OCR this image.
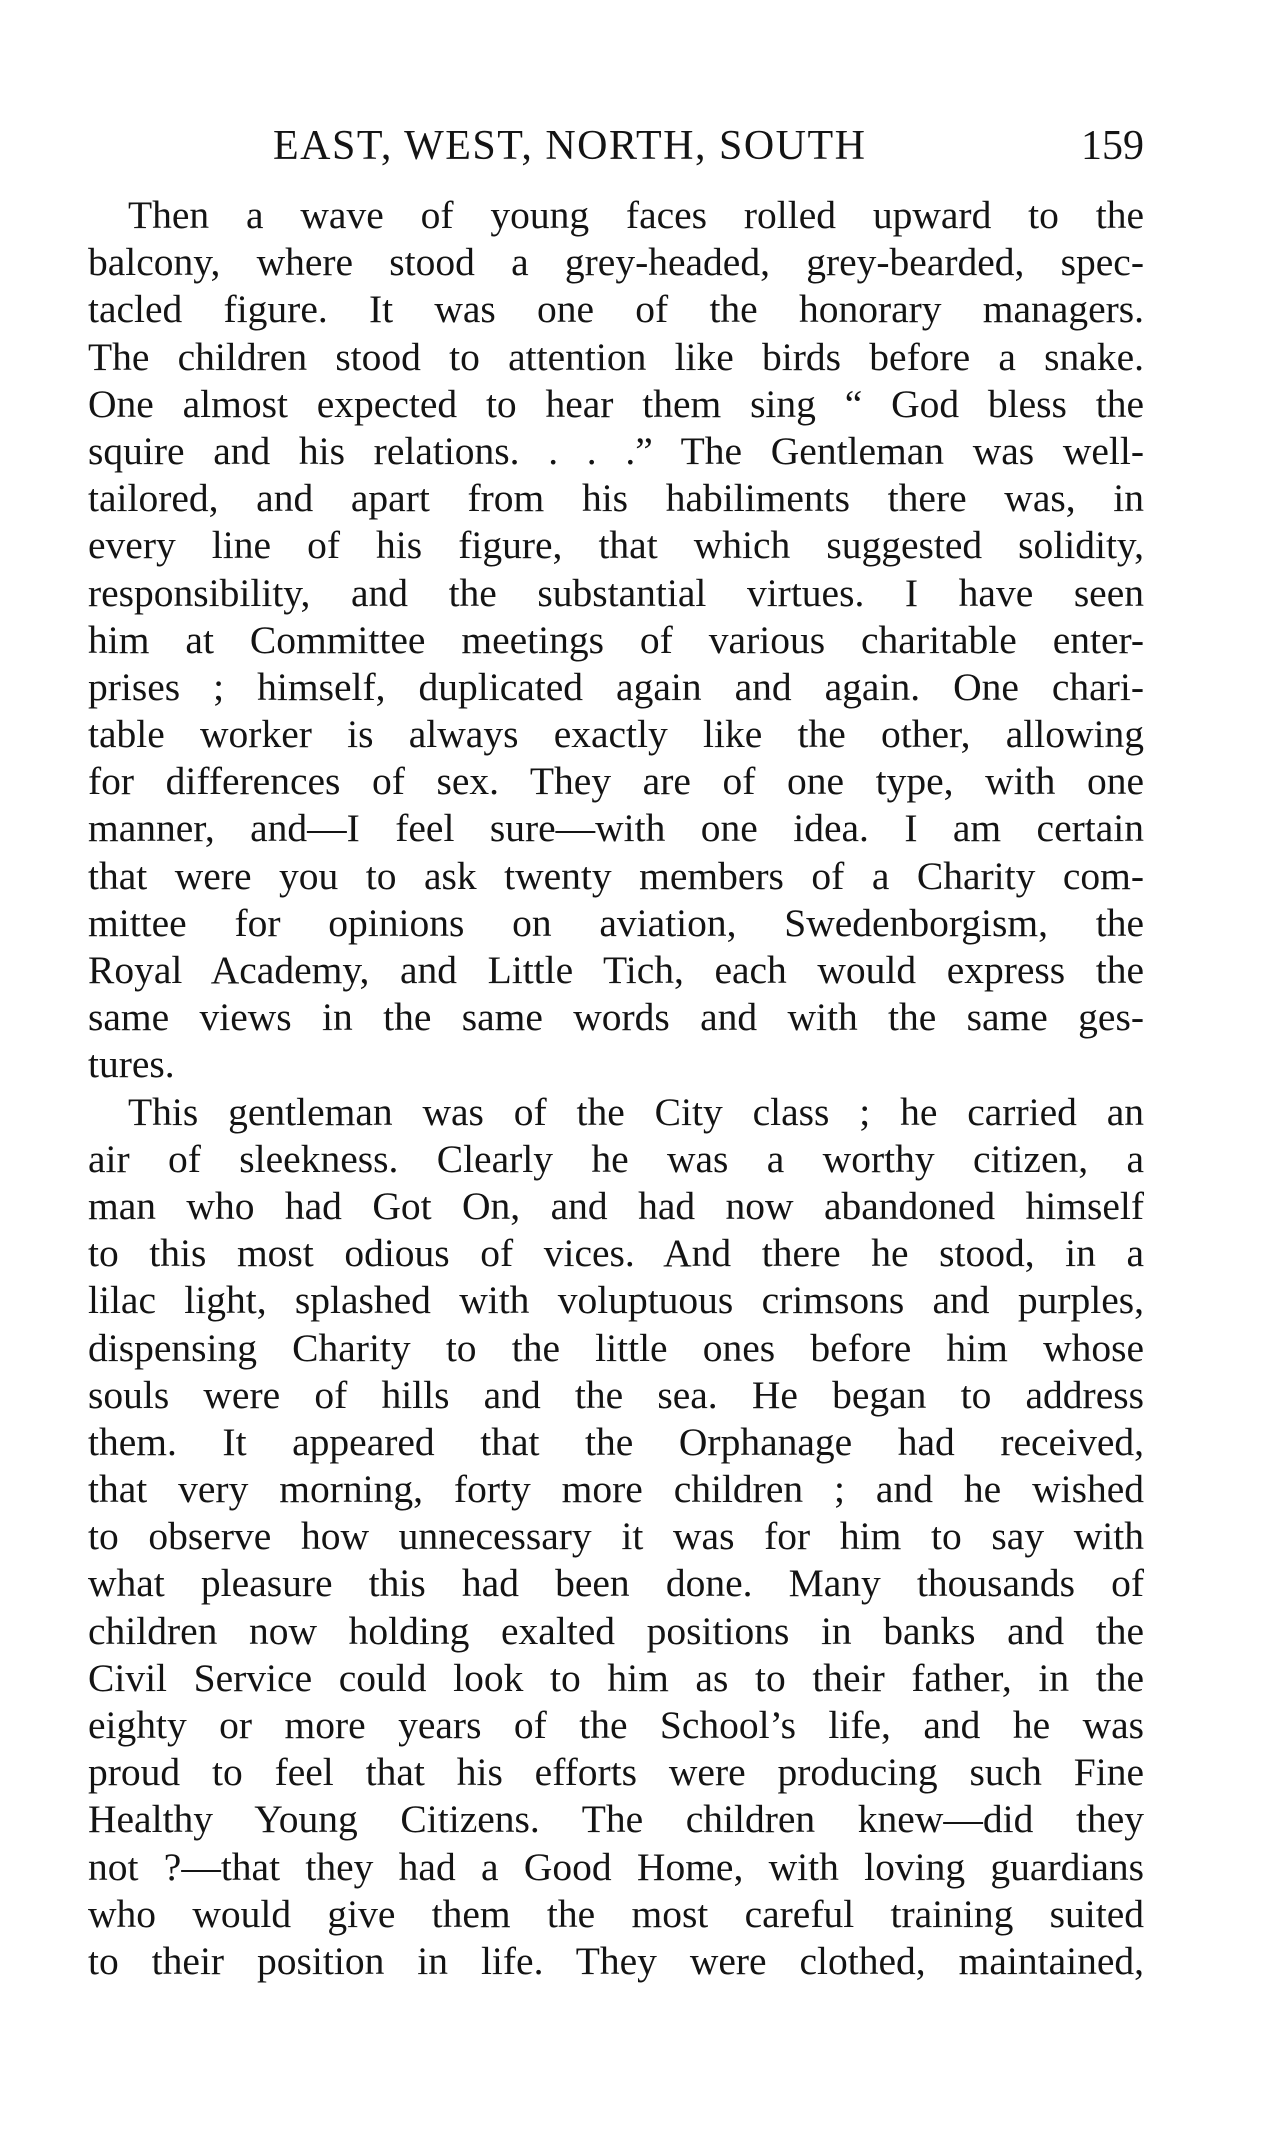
EAST, WEST, NORTH, SOUTH	159
Then a wave of young faces rolled upward to the
balcony, where stood a grey-headed, grey-bearded, spec-
tacled figure. It was one of the honorary managers.
The children stood to attention like birds before a snake.
One almost expected to hear them sing “ God bless the
squire and his relations. . . .” The Gentleman was well-
tailored, and apart from his habiliments there was, in
every line of his figure, that which suggested solidity,
responsibility, and the substantial virtues. I have seen
him at Committee meetings of various charitable enter-
prises ; himself, duplicated again and again. One chari-
table worker is always exactly like the other, allowing
for differences of sex. They are of one type, with one
manner, and—I feel sure—with one idea. I am certain
that were you to ask twenty members of a Charity com-
mittee for opinions on aviation, Swedenborgism, the
Royal Academy, and Little Tich, each would express the
same views in the same words and with the same ges-
tures.
This gentleman was of the City class ; he carried an
air of sleekness. Clearly he was a worthy citizen, a
man who had Got On, and had now abandoned himself
to this most odious of vices. And there he stood, in a
lilac light, splashed with voluptuous crimsons and purples,
dispensing Charity to the little ones before him whose
souls were of hills and the sea. He began to address
them. It appeared that the Orphanage had received,
that very morning, forty more children ; and he wished
to observe how unnecessary it was for him to say with
what pleasure this had been done. Many thousands of
children now holding exalted positions in banks and the
Civil Service could look to him as to their father, in the
eighty or more years of the School’s life, and he was
proud to feel that his efforts were producing such Fine
Healthy Young Citizens. The children knew—did they
not ?—that they had a Good Home, with loving guardians
who would give them the most careful training suited
to their position in life. They were clothed, maintained,
